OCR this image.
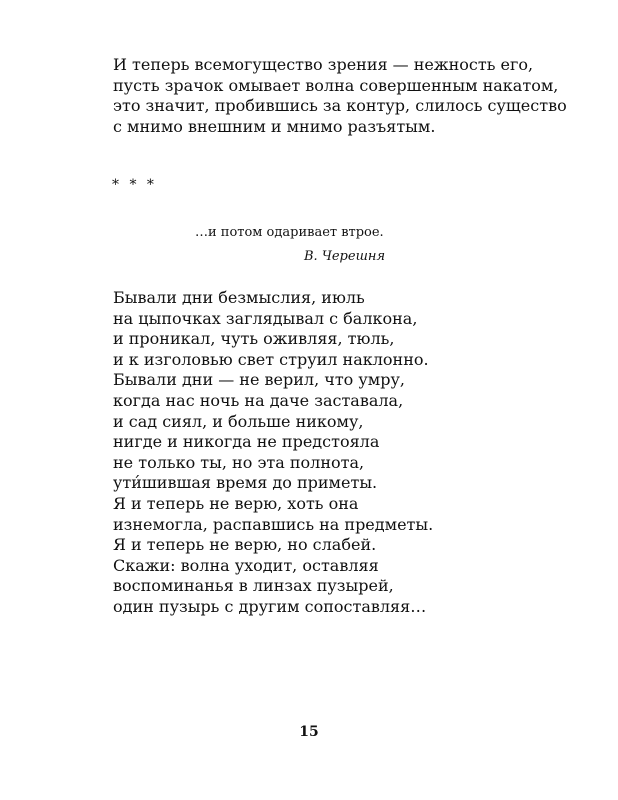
И теперь всемогущество зрения — нежность его,
пусть зрачок омывает волна совершенным накатом,
это значит, пробившись за контур, слилось существо
с мнимо внешним и мнимо разъятым.
* * *
…и потом одаривает втрое.
В. Черешня
Бывали дни безмыслия, июль
на цыпочках заглядывал с балкона,
и проникал, чуть оживляя, тюль,
и к изголовью свет струил наклонно.
Бывали дни — не верил, что умру,
когда нас ночь на даче заставала,
и сад сиял, и больше никому,
нигде и никогда не предстояла
не только ты, но эта полнота,
ути́шившая время до приметы.
Я и теперь не верю, хоть она
изнемогла, распавшись на предметы.
Я и теперь не верю, но слабей.
Скажи: волна уходит, оставляя
воспоминанья в линзах пузырей,
один пузырь с другим сопоставляя…
15
